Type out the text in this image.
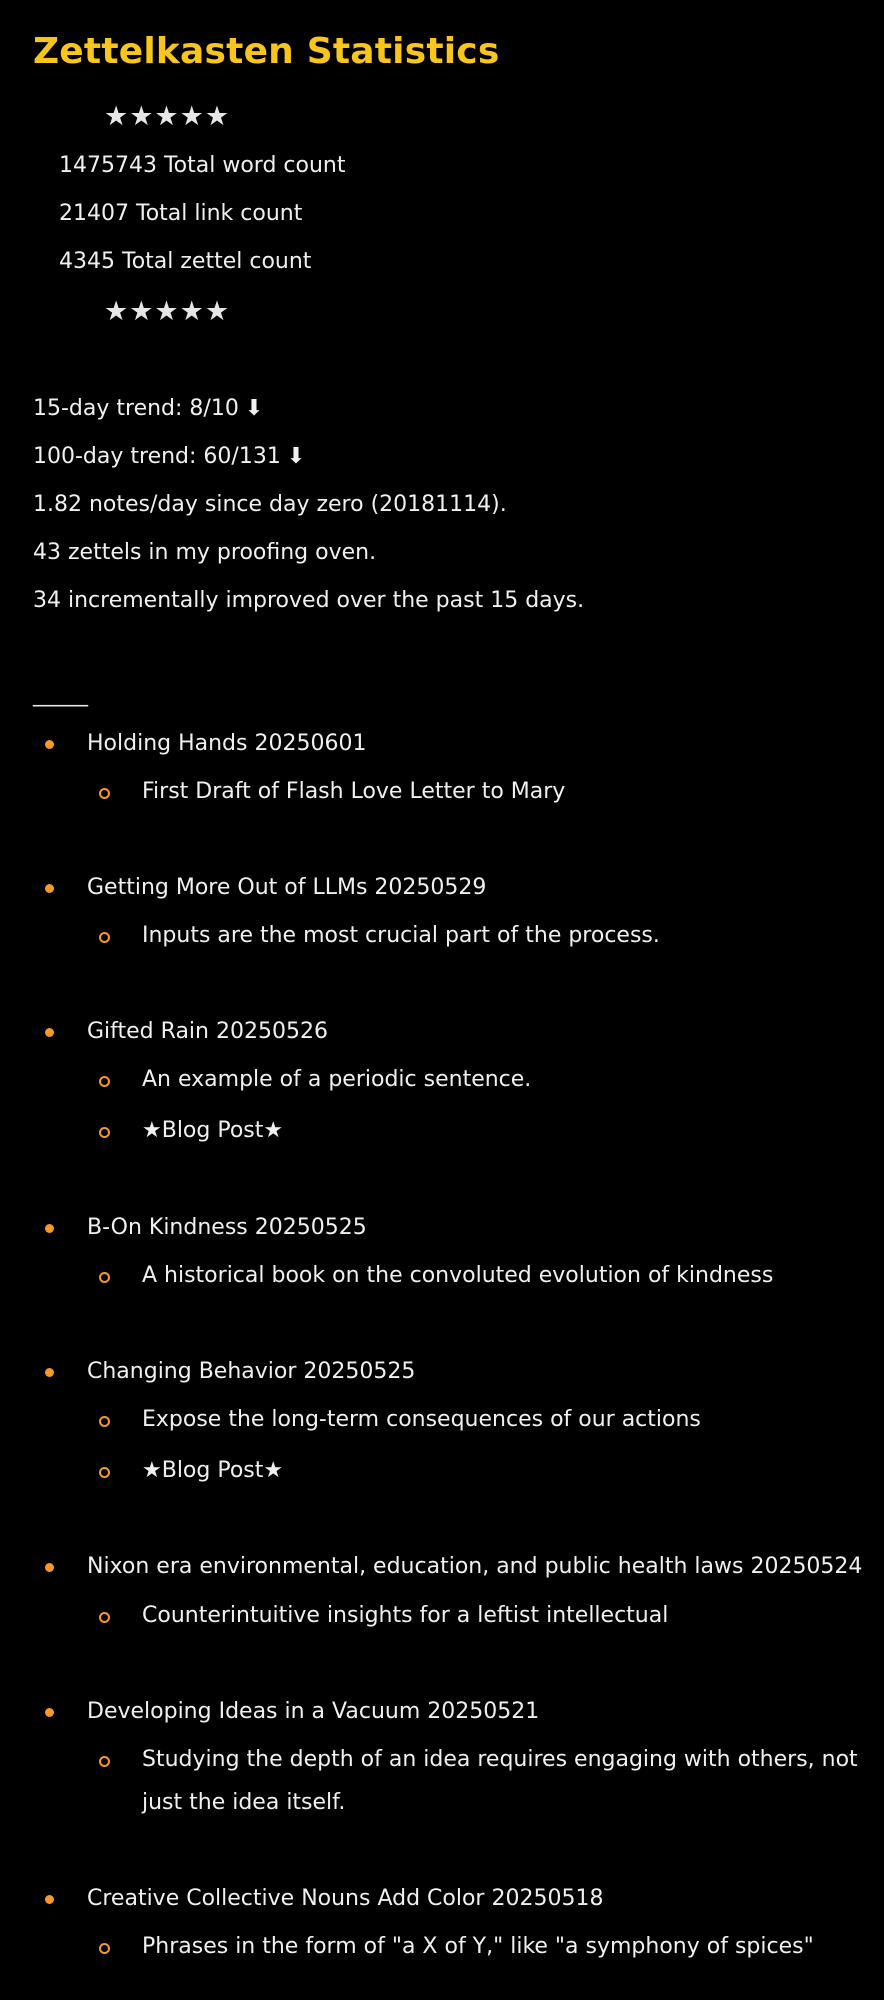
Zettelkasten Statistics
★★★★★
1475743 Total word count
21407 Total link count
4345 Total zettel count
★★★★★
15-day trend: 8/10 ⬇
100-day trend: 60/131 ⬇
1.82 notes/day since day zero (20181114).
43 zettels in my proofing oven.
34 incrementally improved over the past 15 days.
_____
Holding Hands 20250601
First Draft of Flash Love Letter to Mary
Getting More Out of LLMs 20250529
Inputs are the most crucial part of the process.
Gifted Rain 20250526
An example of a periodic sentence.
★Blog Post★
B-On Kindness 20250525
A historical book on the convoluted evolution of kindness
Changing Behavior 20250525
Expose the long-term consequences of our actions
★Blog Post★
Nixon era environmental, education, and public health laws 20250524
Counterintuitive insights for a leftist intellectual
Developing Ideas in a Vacuum 20250521
Studying the depth of an idea requires engaging with others, not just the idea itself.
Creative Collective Nouns Add Color 20250518
Phrases in the form of "a X of Y," like "a symphony of spices"
